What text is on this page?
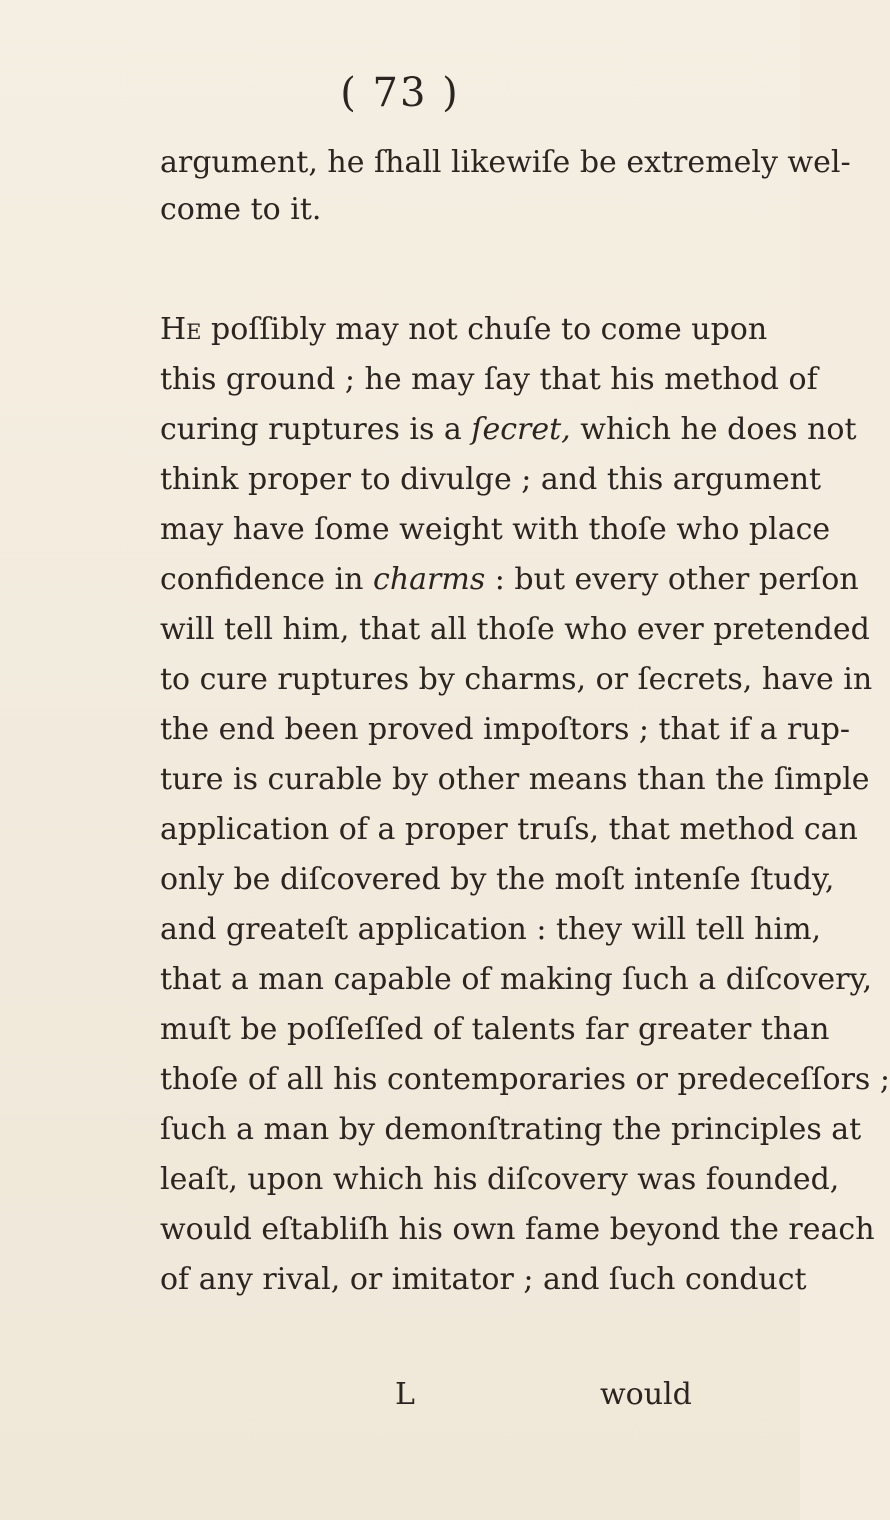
( 73 )
argument, he ſhall likewiſe be extremely wel-
come to it.
He poſſibly may not chuſe to come upon
this ground ; he may ſay that his method of
curing ruptures is a ſecret, which he does not
think proper to divulge ; and this argument
may have ſome weight with thoſe who place
confidence in charms : but every other perſon
will tell him, that all thoſe who ever pretended
to cure ruptures by charms, or ſecrets, have in
the end been proved impoſtors ; that if a rup-
ture is curable by other means than the ſimple
application of a proper truſs, that method can
only be diſcovered by the moſt intenſe ſtudy,
and greateſt application : they will tell him,
that a man capable of making ſuch a diſcovery,
muſt be poſſeſſed of talents far greater than
thoſe of all his contemporaries or predeceſſors ;
ſuch a man by demonſtrating the principles at
leaſt, upon which his diſcovery was founded,
would eſtabliſh his own fame beyond the reach
of any rival, or imitator ; and ſuch conduct
L	would
